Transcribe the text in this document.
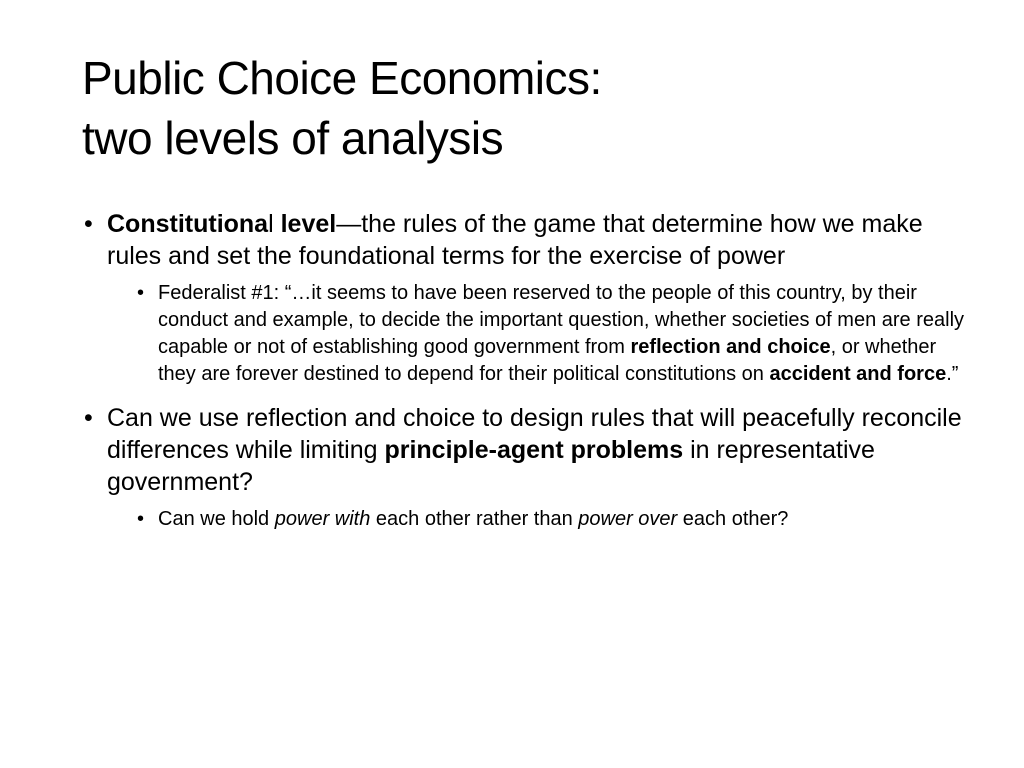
Public Choice Economics:
two levels of analysis

• Constitutional level—the rules of the game that determine how we make rules and set the foundational terms for the exercise of power

• Federalist #1: “…it seems to have been reserved to the people of this country, by their conduct and example, to decide the important question, whether societies of men are really capable or not of establishing good government from reflection and choice, or whether they are forever destined to depend for their political constitutions on accident and force.”

• Can we use reflection and choice to design rules that will peacefully reconcile differences while limiting principle-agent problems in representative government?

• Can we hold power with each other rather than power over each other?
